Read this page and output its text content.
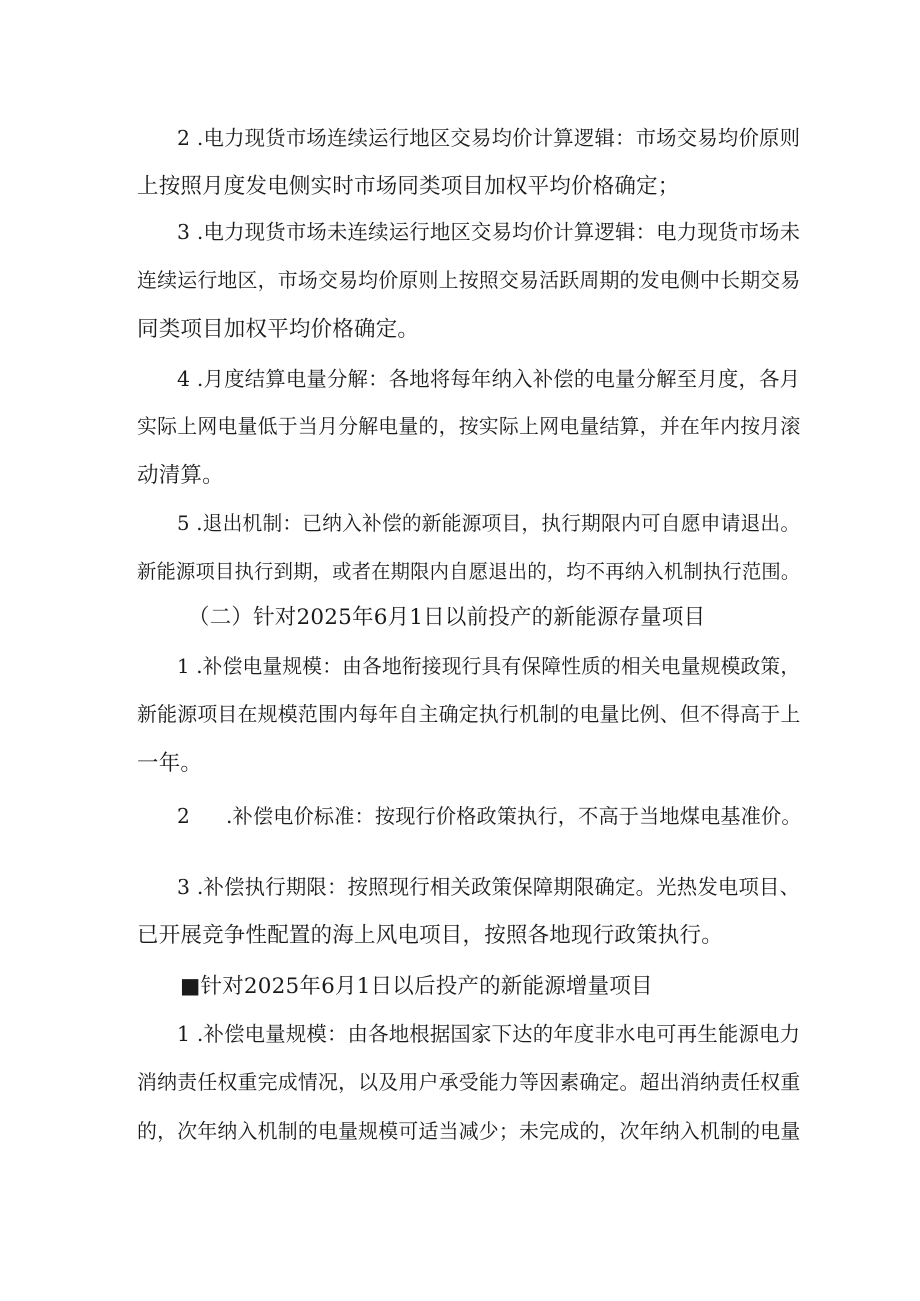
2 .电力现货市场连续运行地区交易均价计算逻辑：市场交易均价原则
上按照月度发电侧实时市场同类项目加权平均价格确定；
3 .电力现货市场未连续运行地区交易均价计算逻辑：电力现货市场未
连续运行地区，市场交易均价原则上按照交易活跃周期的发电侧中长期交易
同类项目加权平均价格确定。
4 .月度结算电量分解：各地将每年纳入补偿的电量分解至月度，各月
实际上网电量低于当月分解电量的，按实际上网电量结算，并在年内按月滚
动清算。
5 .退出机制：已纳入补偿的新能源项目，执行期限内可自愿申请退出。
新能源项目执行到期，或者在期限内自愿退出的，均不再纳入机制执行范围。
（二）针对2025年6月1日以前投产的新能源存量项目
1 .补偿电量规模：由各地衔接现行具有保障性质的相关电量规模政策，
新能源项目在规模范围内每年自主确定执行机制的电量比例、但不得高于上
一年。
2 .补偿电价标准：按现行价格政策执行，不高于当地煤电基准价。
3 .补偿执行期限：按照现行相关政策保障期限确定。光热发电项目、
已开展竞争性配置的海上风电项目，按照各地现行政策执行。
■针对2025年6月1日以后投产的新能源增量项目
1 .补偿电量规模：由各地根据国家下达的年度非水电可再生能源电力
消纳责任权重完成情况，以及用户承受能力等因素确定。超出消纳责任权重
的，次年纳入机制的电量规模可适当减少；未完成的，次年纳入机制的电量
